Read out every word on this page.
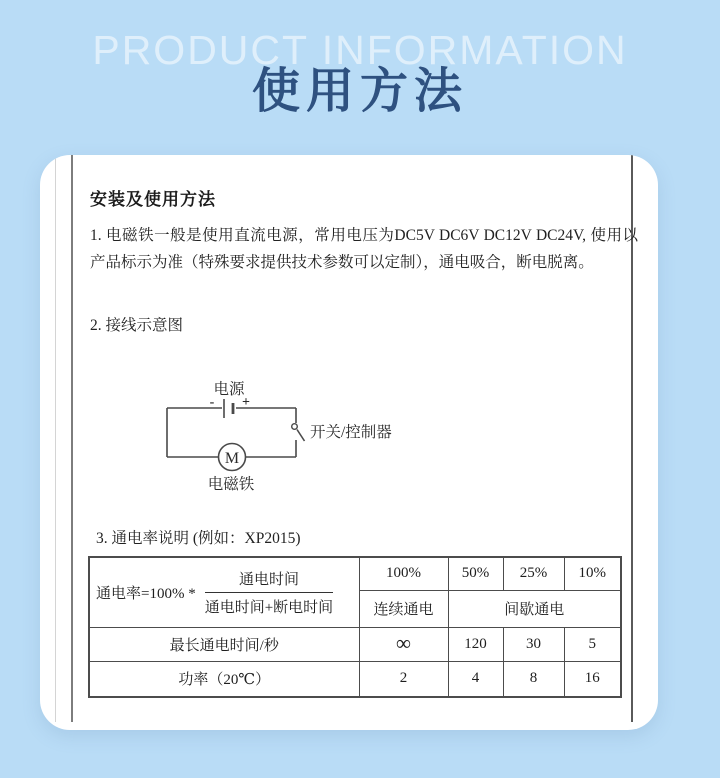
PRODUCT INFORMATION
使用方法
安装及使用方法
1. 电磁铁一般是使用直流电源，常用电压为DC5V DC6V DC12V DC24V, 使用以产品标示为准（特殊要求提供技术参数可以定制），通电吸合，断电脱离。
2. 接线示意图
- +
电源
开关/控制器
M
电磁铁
3. 通电率说明 (例如：XP2015)
通电率$=100\% * \frac{\text{通电时间}}{\text{通电时间+断电时间}}$	100%	50%	25%	10%
	连续通电	间歇通电		
最长通电时间/秒	∞	120	30	5
功率（20℃）	2	4	8	16
